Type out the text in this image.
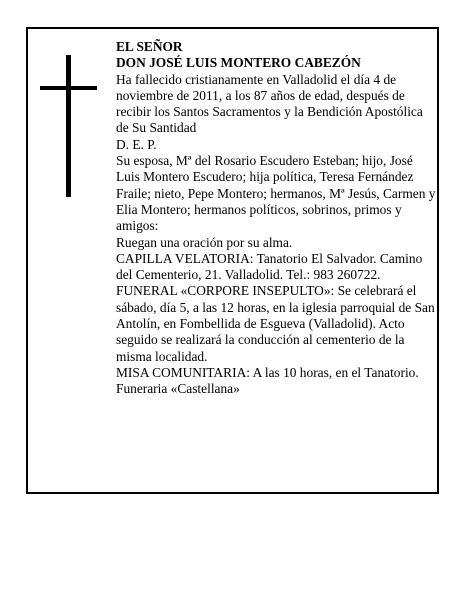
EL SEÑOR

DON JOSÉ LUIS MONTERO CABEZÓN

Ha fallecido cristianamente en Valladolid el día 4 de noviembre de 2011, a los 87 años de edad, después de recibir los Santos Sacramentos y la Bendición Apostólica de Su Santidad

D. E. P.

Su esposa, Mª del Rosario Escudero Esteban; hijo, José Luis Montero Escudero; hija política, Teresa Fernández Fraile; nieto, Pepe Montero; hermanos, Mª Jesús, Carmen y Elia Montero; hermanos políticos, sobrinos, primos y amigos:

Ruegan una oración por su alma.

CAPILLA VELATORIA: Tanatorio El Salvador. Camino del Cementerio, 21. Valladolid. Tel.: 983 260722.

FUNERAL «CORPORE INSEPULTO»: Se celebrará el sábado, día 5, a las 12 horas, en la iglesia parroquial de San Antolín, en Fombellida de Esgueva (Valladolid). Acto seguido se realizará la conducción al cementerio de la misma localidad.

MISA COMUNITARIA: A las 10 horas, en el Tanatorio.

Funeraria «Castellana»
